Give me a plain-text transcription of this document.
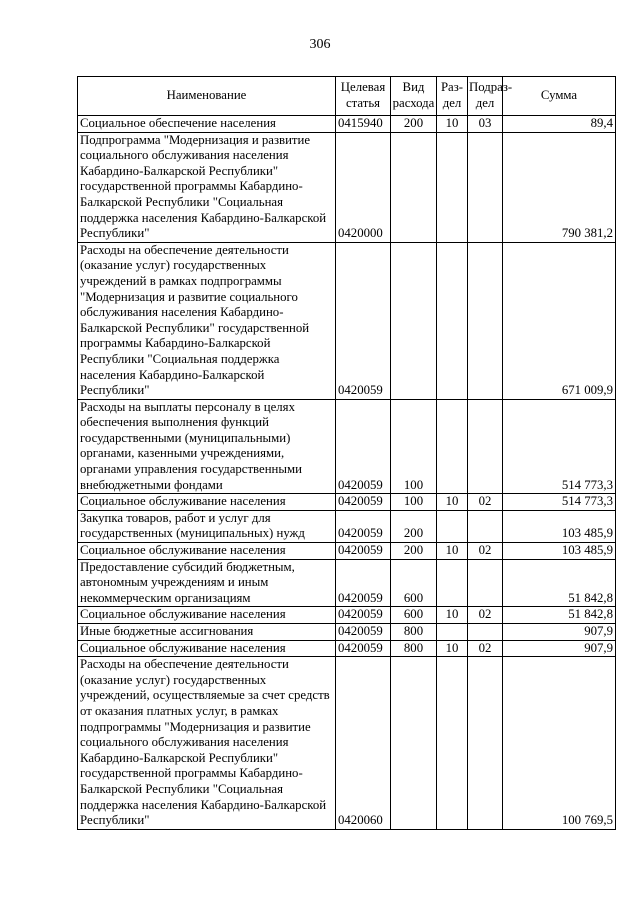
306
Наименование	Целевая статья	Вид расхода	Раз-дел	Подраз-дел	Сумма
Социальное обеспечение населения	0415940	200	10	03	89,4
Подпрограмма "Модернизация и развитие социального обслуживания населения Кабардино-Балкарской Республики" государственной программы Кабардино-Балкарской Республики "Социальная поддержка населения Кабардино-Балкарской Республики"	0420000				790 381,2
Расходы на обеспечение деятельности (оказание услуг) государственных учреждений в рамках подпрограммы "Модернизация и развитие социального обслуживания населения Кабардино-Балкарской Республики" государственной программы Кабардино-Балкарской Республики "Социальная поддержка населения Кабардино-Балкарской Республики"	0420059				671 009,9
Расходы на выплаты персоналу в целях обеспечения выполнения функций государственными (муниципальными) органами, казенными учреждениями, органами управления государственными внебюджетными фондами	0420059	100			514 773,3
Социальное обслуживание населения	0420059	100	10	02	514 773,3
Закупка товаров, работ и услуг для государственных (муниципальных) нужд	0420059	200			103 485,9
Социальное обслуживание населения	0420059	200	10	02	103 485,9
Предоставление субсидий бюджетным, автономным учреждениям и иным некоммерческим организациям	0420059	600			51 842,8
Социальное обслуживание населения	0420059	600	10	02	51 842,8
Иные бюджетные ассигнования	0420059	800			907,9
Социальное обслуживание населения	0420059	800	10	02	907,9
Расходы на обеспечение деятельности (оказание услуг) государственных учреждений, осуществляемые за счет средств от оказания платных услуг, в рамках подпрограммы "Модернизация и развитие социального обслуживания населения Кабардино-Балкарской Республики" государственной программы Кабардино-Балкарской Республики "Социальная поддержка населения Кабардино-Балкарской Республики"	0420060				100 769,5
